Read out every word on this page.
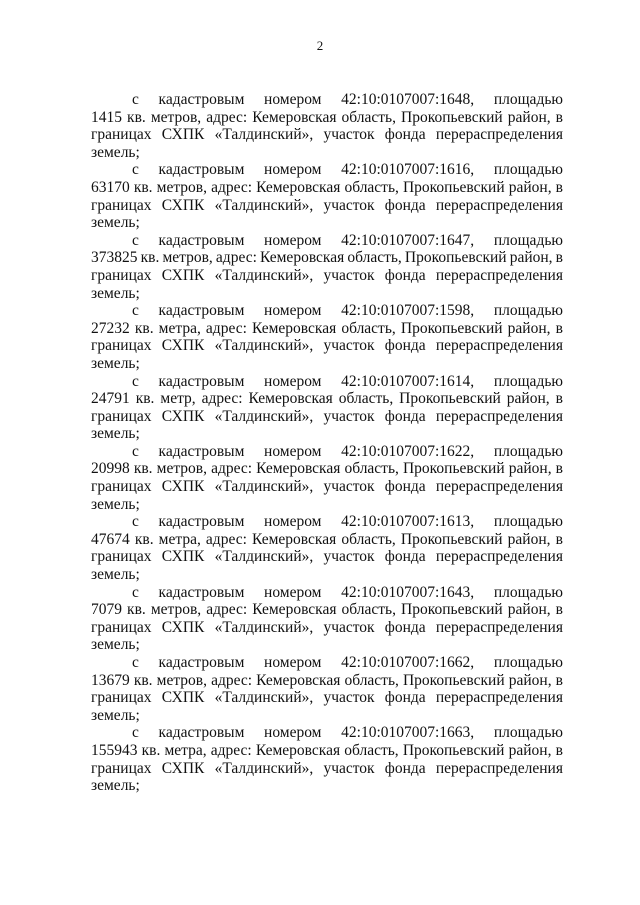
2
с кадастровым номером 42:10:0107007:1648, площадью
1415 кв. метров, адрес: Кемеровская область, Прокопьевский район, в
границах СХПК «Талдинский», участок фонда перераспределения
земель;
с кадастровым номером 42:10:0107007:1616, площадью
63170 кв. метров, адрес: Кемеровская область, Прокопьевский район, в
границах СХПК «Талдинский», участок фонда перераспределения
земель;
с кадастровым номером 42:10:0107007:1647, площадью
373825 кв. метров, адрес: Кемеровская область, Прокопьевский район, в
границах СХПК «Талдинский», участок фонда перераспределения
земель;
с кадастровым номером 42:10:0107007:1598, площадью
27232 кв. метра, адрес: Кемеровская область, Прокопьевский район, в
границах СХПК «Талдинский», участок фонда перераспределения
земель;
с кадастровым номером 42:10:0107007:1614, площадью
24791 кв. метр, адрес: Кемеровская область, Прокопьевский район, в
границах СХПК «Талдинский», участок фонда перераспределения
земель;
с кадастровым номером 42:10:0107007:1622, площадью
20998 кв. метров, адрес: Кемеровская область, Прокопьевский район, в
границах СХПК «Талдинский», участок фонда перераспределения
земель;
с кадастровым номером 42:10:0107007:1613, площадью
47674 кв. метра, адрес: Кемеровская область, Прокопьевский район, в
границах СХПК «Талдинский», участок фонда перераспределения
земель;
с кадастровым номером 42:10:0107007:1643, площадью
7079 кв. метров, адрес: Кемеровская область, Прокопьевский район, в
границах СХПК «Талдинский», участок фонда перераспределения
земель;
с кадастровым номером 42:10:0107007:1662, площадью
13679 кв. метров, адрес: Кемеровская область, Прокопьевский район, в
границах СХПК «Талдинский», участок фонда перераспределения
земель;
с кадастровым номером 42:10:0107007:1663, площадью
155943 кв. метра, адрес: Кемеровская область, Прокопьевский район, в
границах СХПК «Талдинский», участок фонда перераспределения
земель;
